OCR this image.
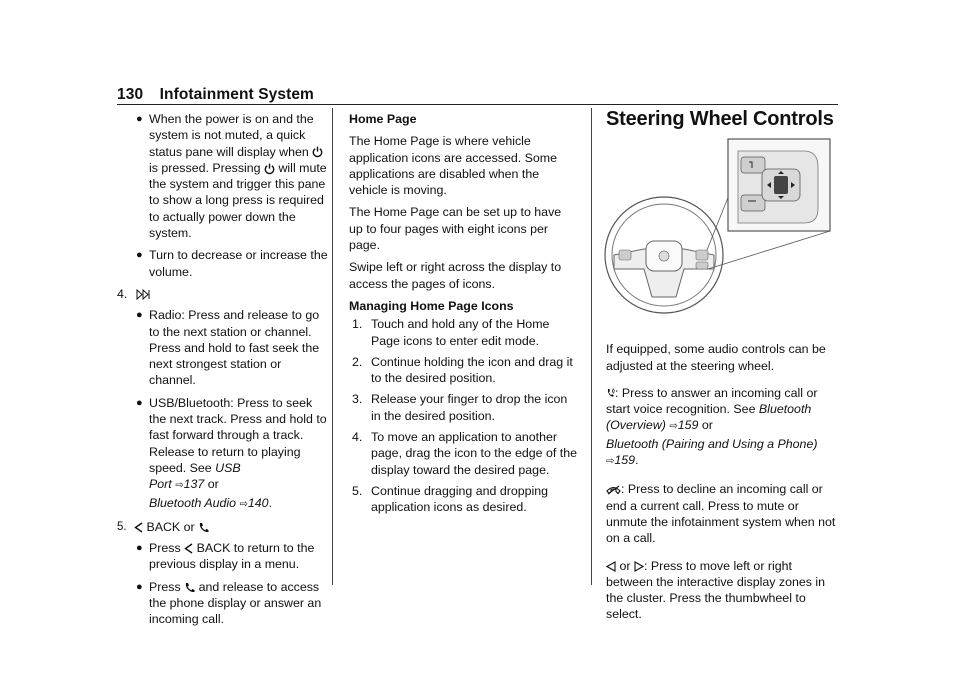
130 Infotainment System
● When the power is on and the system is not muted, a quick status pane will display when  is pressed. Pressing will mute the system and trigger this pane to show a long press is required to actually power down the system.
● Turn to decrease or increase the volume.
4.
● Radio: Press and release to go to the next station or channel. Press and hold to fast seek the next strongest station or channel.
● USB/Bluetooth: Press to seek the next track. Press and hold to fast forward through a track. Release to return to playing speed. See USB
Port ⇨137 or
Bluetooth Audio ⇨140.
5. BACK or
● Press BACK to return to the previous display in a menu.
● Press and release to access the phone display or answer an incoming call.

Home Page

The Home Page is where vehicle application icons are accessed. Some applications are disabled when the vehicle is moving.

The Home Page can be set up to have up to four pages with eight icons per page.

Swipe left or right across the display to access the pages of icons.

Managing Home Page Icons

1. Touch and hold any of the Home Page icons to enter edit mode.
2. Continue holding the icon and drag it to the desired position.
3. Release your finger to drop the icon in the desired position.
4. To move an application to another page, drag the icon to the edge of the display toward the desired page.
5. Continue dragging and dropping application icons as desired.
Steering Wheel Controls

If equipped, some audio controls can be adjusted at the steering wheel.

: Press to answer an incoming call or start voice recognition. See Bluetooth (Overview) ⇨159 or
Bluetooth (Pairing and Using a Phone) ⇨159.

: Press to decline an incoming call or end a current call. Press to mute or unmute the infotainment system when not on a call.

or : Press to move left or right between the interactive display zones in the cluster. Press the thumbwheel to select.
